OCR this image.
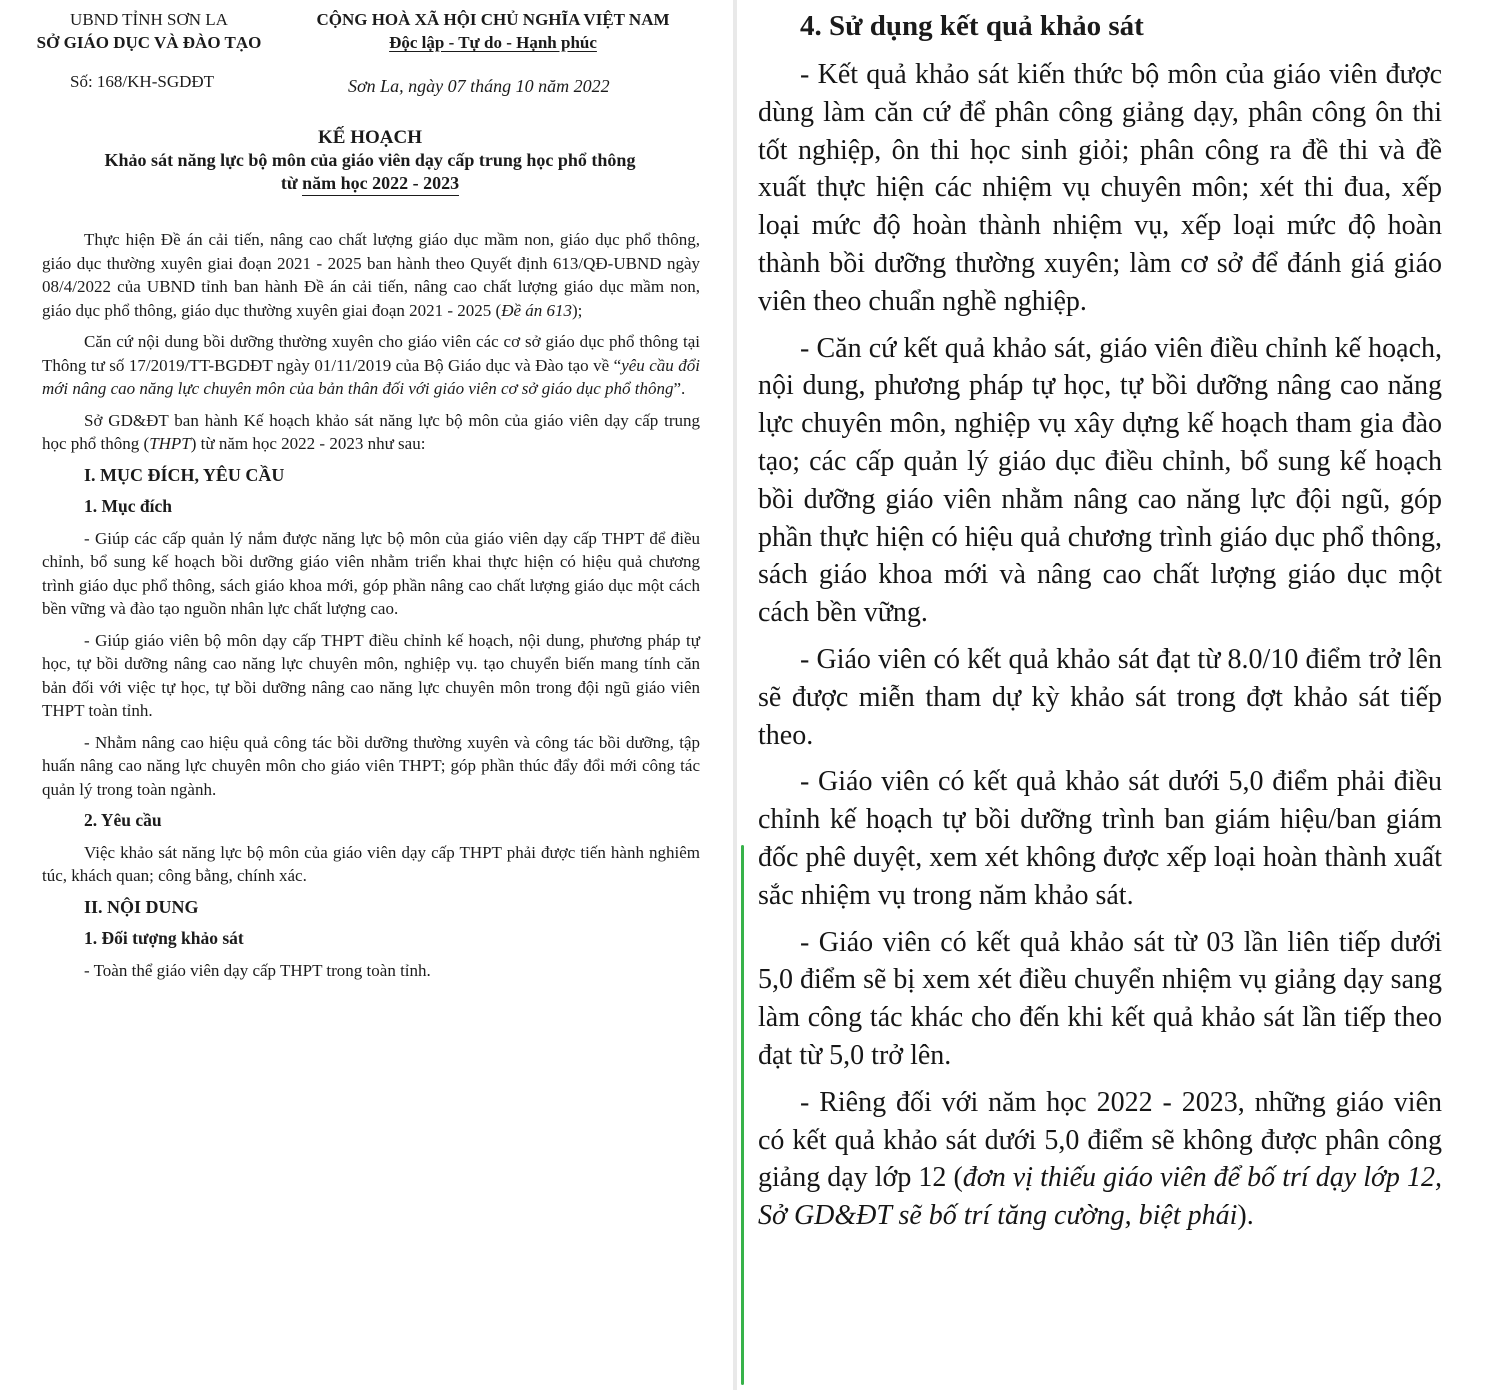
UBND TỈNH SƠN LA
SỞ GIÁO DỤC VÀ ĐÀO TẠO
CỘNG HOÀ XÃ HỘI CHỦ NGHĨA VIỆT NAM
Độc lập - Tự do - Hạnh phúc
Số: 168/KH-SGDĐT	Sơn La, ngày 07 tháng 10 năm 2022
KẾ HOẠCH
Khảo sát năng lực bộ môn của giáo viên dạy cấp trung học phổ thông
từ năm học 2022 - 2023

Thực hiện Đề án cải tiến, nâng cao chất lượng giáo dục mầm non, giáo dục phổ thông, giáo dục thường xuyên giai đoạn 2021 - 2025 ban hành theo Quyết định 613/QĐ-UBND ngày 08/4/2022 của UBND tỉnh ban hành Đề án cải tiến, nâng cao chất lượng giáo dục mầm non, giáo dục phổ thông, giáo dục thường xuyên giai đoạn 2021 - 2025 (Đề án 613);

Căn cứ nội dung bồi dưỡng thường xuyên cho giáo viên các cơ sở giáo dục phổ thông tại Thông tư số 17/2019/TT-BGDĐT ngày 01/11/2019 của Bộ Giáo dục và Đào tạo về “yêu cầu đổi mới nâng cao năng lực chuyên môn của bản thân đối với giáo viên cơ sở giáo dục phổ thông”.

Sở GD&ĐT ban hành Kế hoạch khảo sát năng lực bộ môn của giáo viên dạy cấp trung học phổ thông (THPT) từ năm học 2022 - 2023 như sau:

I. MỤC ĐÍCH, YÊU CẦU
1. Mục đích

- Giúp các cấp quản lý nắm được năng lực bộ môn của giáo viên dạy cấp THPT để điều chỉnh, bổ sung kế hoạch bồi dưỡng giáo viên nhằm triển khai thực hiện có hiệu quả chương trình giáo dục phổ thông, sách giáo khoa mới, góp phần nâng cao chất lượng giáo dục một cách bền vững và đào tạo nguồn nhân lực chất lượng cao.

- Giúp giáo viên bộ môn dạy cấp THPT điều chỉnh kế hoạch, nội dung, phương pháp tự học, tự bồi dưỡng nâng cao năng lực chuyên môn, nghiệp vụ. tạo chuyển biến mang tính căn bản đối với việc tự học, tự bồi dưỡng nâng cao năng lực chuyên môn trong đội ngũ giáo viên THPT toàn tỉnh.

- Nhằm nâng cao hiệu quả công tác bồi dưỡng thường xuyên và công tác bồi dưỡng, tập huấn nâng cao năng lực chuyên môn cho giáo viên THPT; góp phần thúc đẩy đổi mới công tác quản lý trong toàn ngành.

2. Yêu cầu

Việc khảo sát năng lực bộ môn của giáo viên dạy cấp THPT phải được tiến hành nghiêm túc, khách quan; công bằng, chính xác.

II. NỘI DUNG
1. Đối tượng khảo sát

- Toàn thể giáo viên dạy cấp THPT trong toàn tỉnh.

4. Sử dụng kết quả khảo sát

- Kết quả khảo sát kiến thức bộ môn của giáo viên được dùng làm căn cứ để phân công giảng dạy, phân công ôn thi tốt nghiệp, ôn thi học sinh giỏi; phân công ra đề thi và đề xuất thực hiện các nhiệm vụ chuyên môn; xét thi đua, xếp loại mức độ hoàn thành nhiệm vụ, xếp loại mức độ hoàn thành bồi dưỡng thường xuyên; làm cơ sở để đánh giá giáo viên theo chuẩn nghề nghiệp.

- Căn cứ kết quả khảo sát, giáo viên điều chỉnh kế hoạch, nội dung, phương pháp tự học, tự bồi dưỡng nâng cao năng lực chuyên môn, nghiệp vụ xây dựng kế hoạch tham gia đào tạo; các cấp quản lý giáo dục điều chỉnh, bổ sung kế hoạch bồi dưỡng giáo viên nhằm nâng cao năng lực đội ngũ, góp phần thực hiện có hiệu quả chương trình giáo dục phổ thông, sách giáo khoa mới và nâng cao chất lượng giáo dục một cách bền vững.

- Giáo viên có kết quả khảo sát đạt từ 8.0/10 điểm trở lên sẽ được miễn tham dự kỳ khảo sát trong đợt khảo sát tiếp theo.

- Giáo viên có kết quả khảo sát dưới 5,0 điểm phải điều chỉnh kế hoạch tự bồi dưỡng trình ban giám hiệu/ban giám đốc phê duyệt, xem xét không được xếp loại hoàn thành xuất sắc nhiệm vụ trong năm khảo sát.

- Giáo viên có kết quả khảo sát từ 03 lần liên tiếp dưới 5,0 điểm sẽ bị xem xét điều chuyển nhiệm vụ giảng dạy sang làm công tác khác cho đến khi kết quả khảo sát lần tiếp theo đạt từ 5,0 trở lên.

- Riêng đối với năm học 2022 - 2023, những giáo viên có kết quả khảo sát dưới 5,0 điểm sẽ không được phân công giảng dạy lớp 12 (đơn vị thiếu giáo viên để bố trí dạy lớp 12, Sở GD&ĐT sẽ bố trí tăng cường, biệt phái).
